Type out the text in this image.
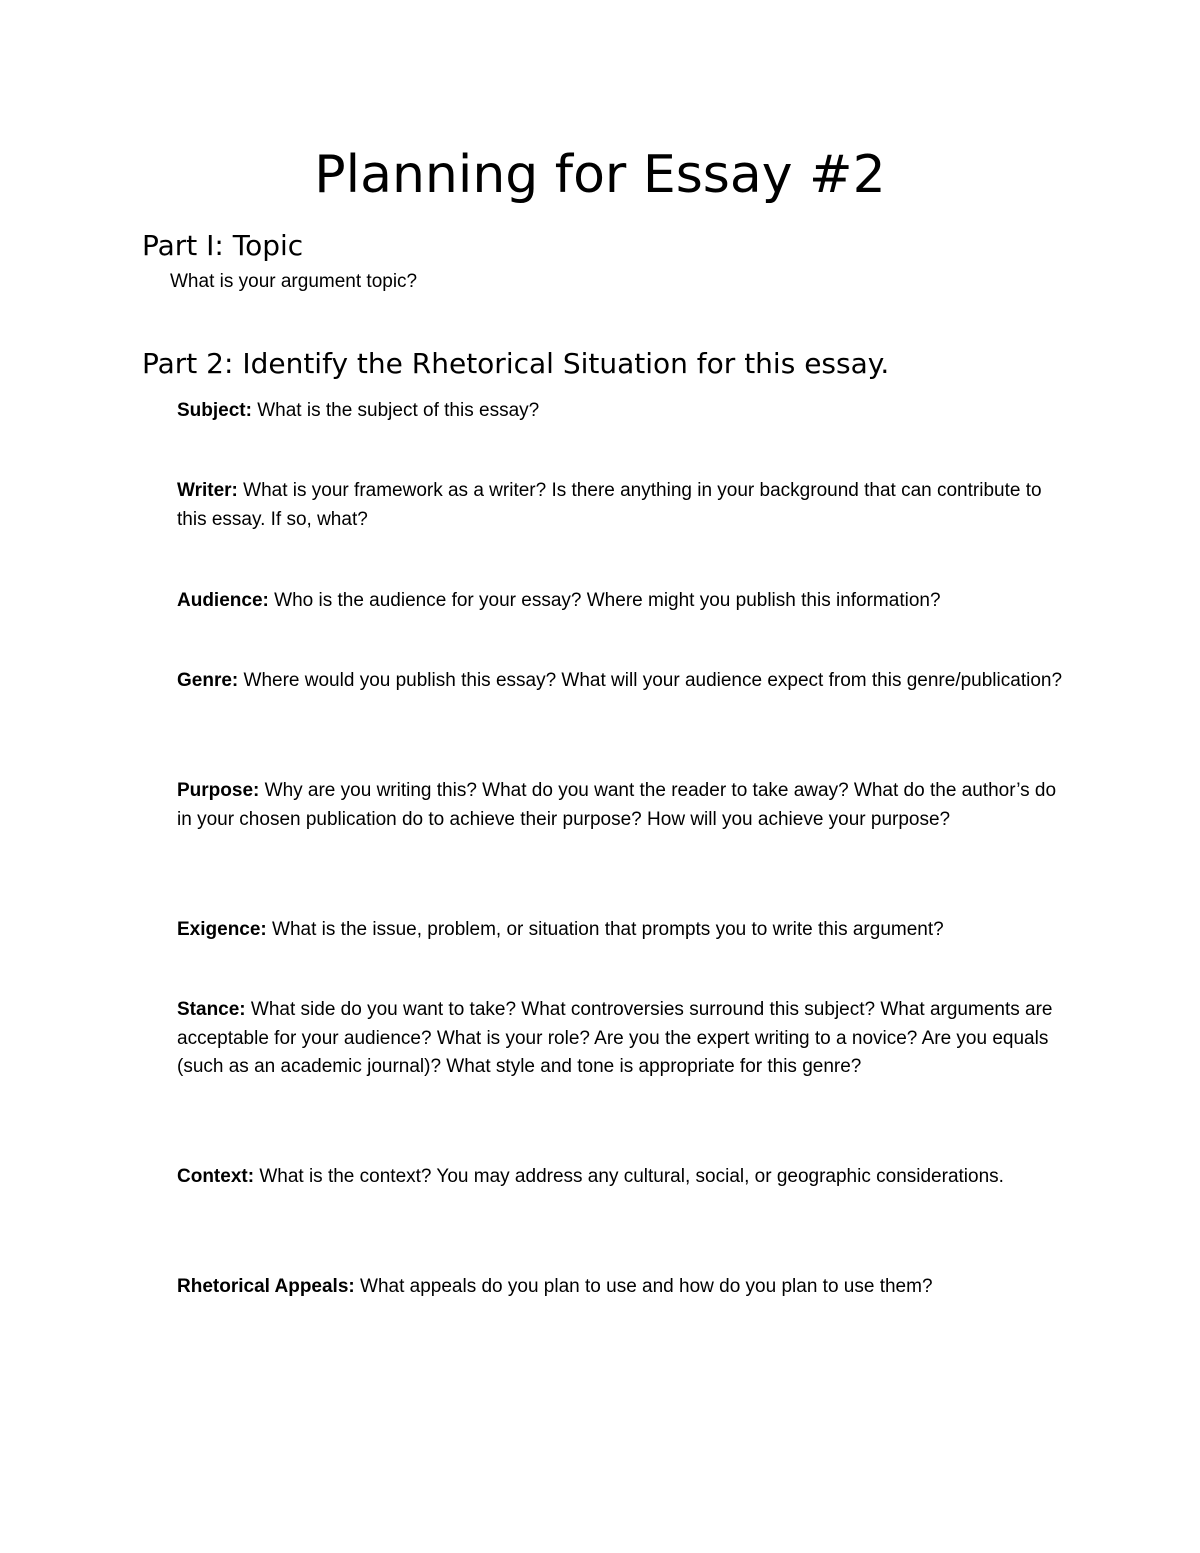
Planning for Essay #2
Part I: Topic

What is your argument topic?

Part 2: Identify the Rhetorical Situation for this essay.

Subject: What is the subject of this essay?

Writer: What is your framework as a writer? Is there anything in your background that can contribute to this essay. If so, what?

Audience: Who is the audience for your essay? Where might you publish this information?

Genre: Where would you publish this essay? What will your audience expect from this genre/publication?

Purpose: Why are you writing this? What do you want the reader to take away? What do the author’s do in your chosen publication do to achieve their purpose? How will you achieve your purpose?

Exigence: What is the issue, problem, or situation that prompts you to write this argument?

Stance: What side do you want to take? What controversies surround this subject? What arguments are acceptable for your audience? What is your role? Are you the expert writing to a novice? Are you equals (such as an academic journal)? What style and tone is appropriate for this genre?

Context: What is the context? You may address any cultural, social, or geographic considerations.

Rhetorical Appeals: What appeals do you plan to use and how do you plan to use them?
